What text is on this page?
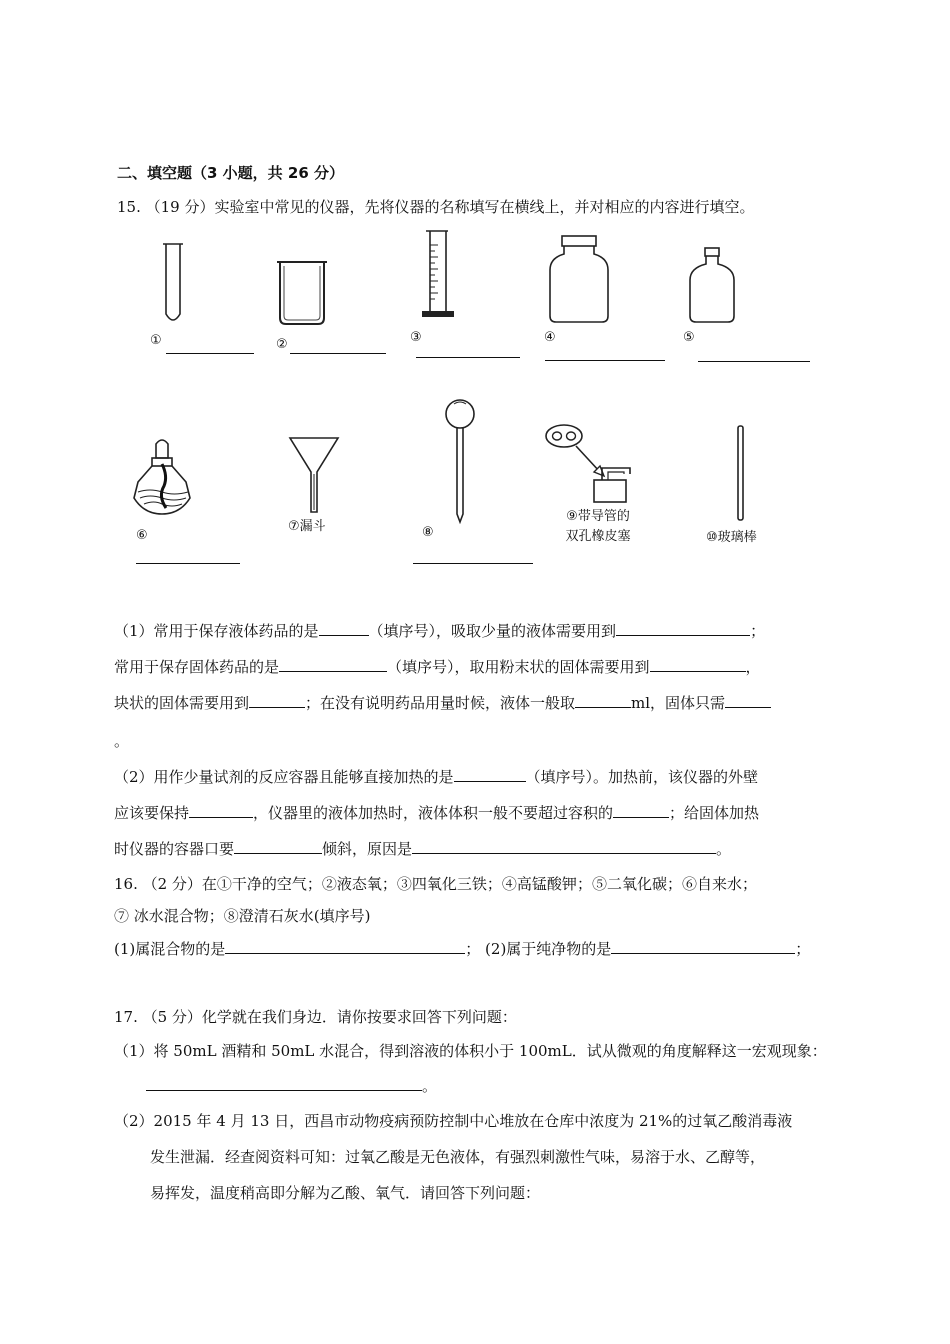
二、填空题（3 小题，共 26 分）
15. （19 分）实验室中常见的仪器，先将仪器的名称填写在横线上，并对相应的内容进行填空。
①	②	③	④	⑤
⑥
⑦漏斗	⑧
⑨带导管的
双孔橡皮塞	⑩玻璃棒
（1）常用于保存液体药品的是	（填序号），吸取少量的液体需要用到	；
常用于保存固体药品的是	（填序号），取用粉末状的固体需要用到	，
块状的固体需要用到	；在没有说明药品用量时候，液体一般取	ml，固体只需
。
（2）用作少量试剂的反应容器且能够直接加热的是	（填序号）。加热前，该仪器的外壁
应该要保持	，仪器里的液体加热时，液体体积一般不要超过容积的	；给固体加热
时仪器的容器口要	倾斜，原因是	。
16. （2 分）在①干净的空气；②液态氧；③四氧化三铁；④高锰酸钾；⑤二氧化碳；⑥自来水；
⑦ 冰水混合物；⑧澄清石灰水(填序号)
(1)属混合物的是	； (2)属于纯净物的是	；
17. （5 分）化学就在我们身边．请你按要求回答下列问题：
（1）将 50mL 酒精和 50mL 水混合，得到溶液的体积小于 100mL．试从微观的角度解释这一宏观现象：
。
（2）2015 年 4 月 13 日，西昌市动物疫病预防控制中心堆放在仓库中浓度为 21%的过氧乙酸消毒液
发生泄漏．经查阅资料可知：过氧乙酸是无色液体，有强烈刺激性气味，易溶于水、乙醇等，
易挥发，温度稍高即分解为乙酸、氧气．请回答下列问题：
